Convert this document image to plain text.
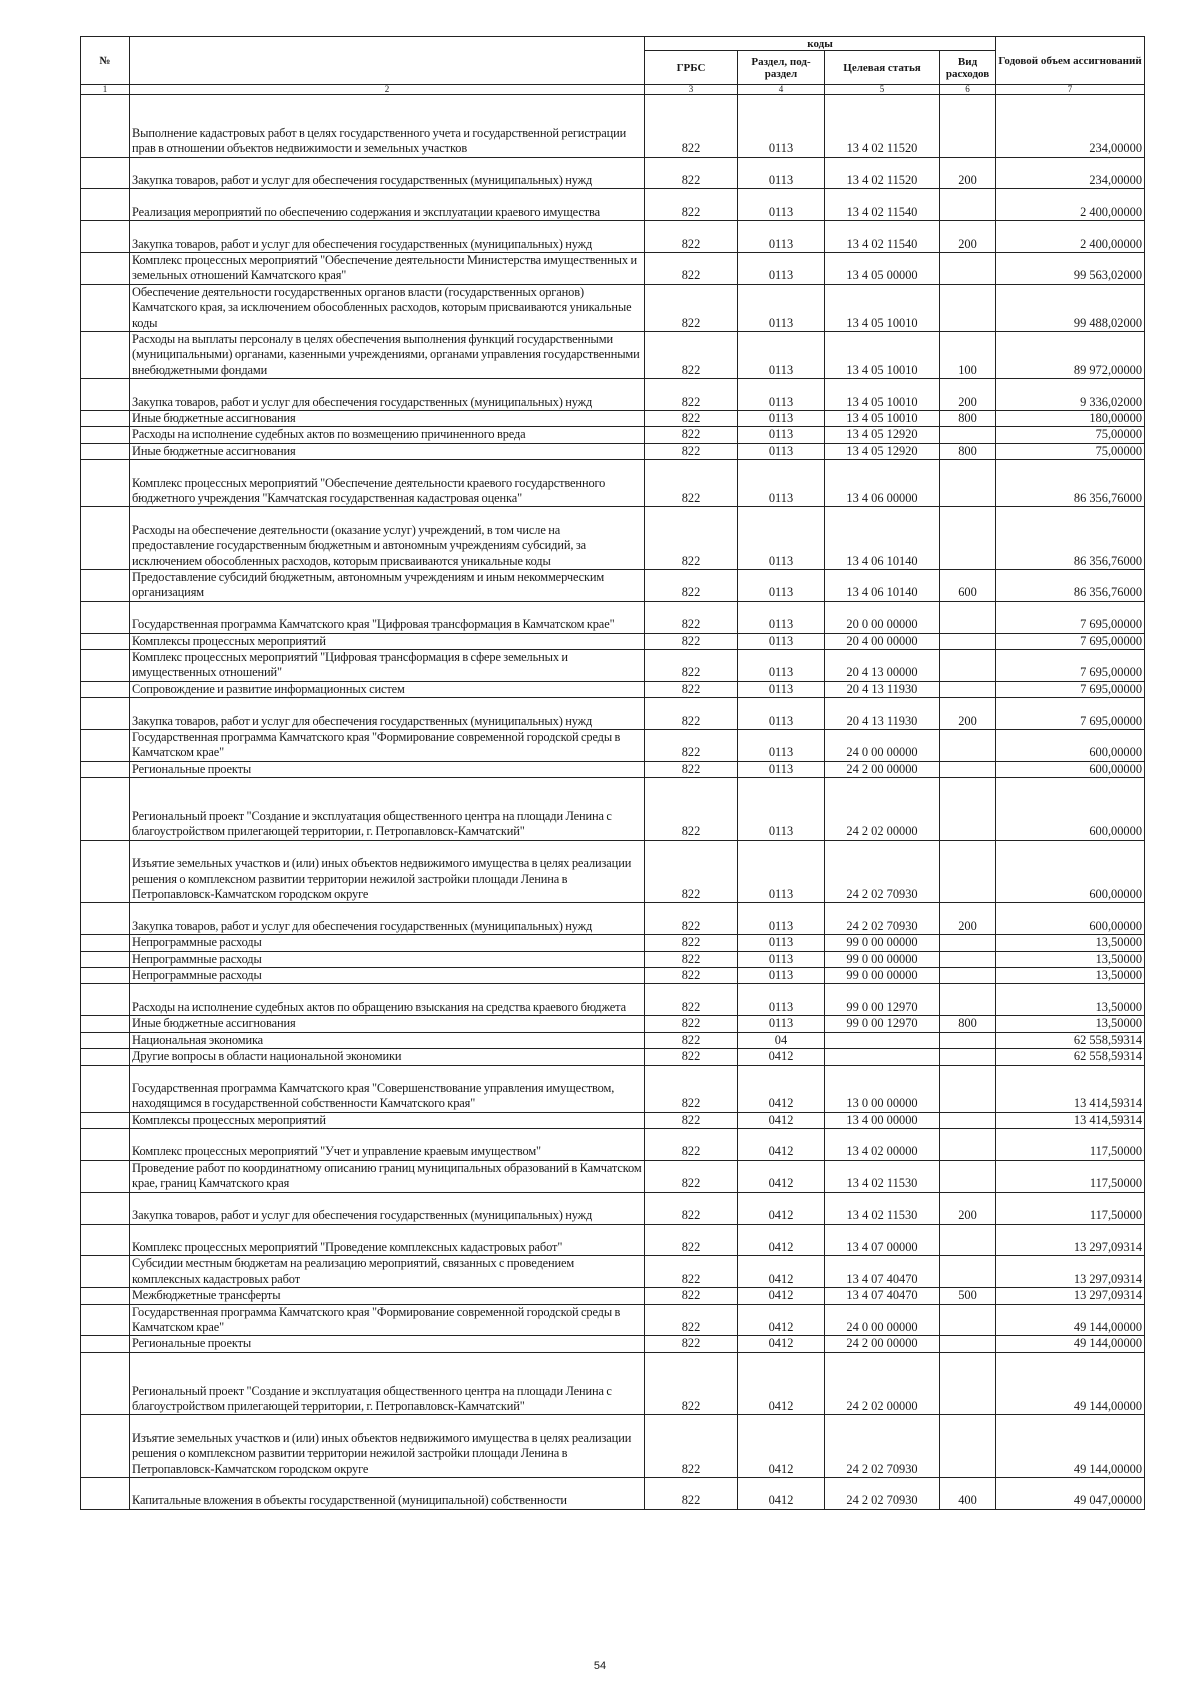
№		коды				Годовой объем ассигнований
		ГРБС	Раздел, под-раздел	Целевая статья	Вид расходов	
1	2	3	4	5	6	7
	Выполнение кадастровых работ в целях государственного учета и государственной регистрации прав в отношении объектов недвижимости и земельных участков	822	0113	13 4 02 11520		234,00000
	Закупка товаров, работ и услуг для обеспечения государственных (муниципальных) нужд	822	0113	13 4 02 11520	200	234,00000
	Реализация мероприятий по обеспечению содержания и эксплуатации краевого имущества	822	0113	13 4 02 11540		2 400,00000
	Закупка товаров, работ и услуг для обеспечения государственных (муниципальных) нужд	822	0113	13 4 02 11540	200	2 400,00000
	Комплекс процессных мероприятий "Обеспечение деятельности Министерства имущественных и земельных отношений Камчатского края"	822	0113	13 4 05 00000		99 563,02000
	Обеспечение деятельности государственных органов власти (государственных органов) Камчатского края, за исключением обособленных расходов, которым присваиваются уникальные коды	822	0113	13 4 05 10010		99 488,02000
	Расходы на выплаты персоналу в целях обеспечения выполнения функций государственными (муниципальными) органами, казенными учреждениями, органами управления государственными внебюджетными фондами	822	0113	13 4 05 10010	100	89 972,00000
	Закупка товаров, работ и услуг для обеспечения государственных (муниципальных) нужд	822	0113	13 4 05 10010	200	9 336,02000
	Иные бюджетные ассигнования	822	0113	13 4 05 10010	800	180,00000
	Расходы на исполнение судебных актов по возмещению причиненного вреда	822	0113	13 4 05 12920		75,00000
	Иные бюджетные ассигнования	822	0113	13 4 05 12920	800	75,00000
	Комплекс процессных мероприятий "Обеспечение деятельности краевого государственного бюджетного учреждения "Камчатская государственная кадастровая оценка"	822	0113	13 4 06 00000		86 356,76000
	Расходы на обеспечение деятельности (оказание услуг) учреждений, в том числе на предоставление государственным бюджетным и автономным учреждениям субсидий, за исключением обособленных расходов, которым присваиваются уникальные коды	822	0113	13 4 06 10140		86 356,76000
	Предоставление субсидий бюджетным, автономным учреждениям и иным некоммерческим организациям	822	0113	13 4 06 10140	600	86 356,76000
	Государственная программа Камчатского края "Цифровая трансформация в Камчатском крае"	822	0113	20 0 00 00000		7 695,00000
	Комплексы процессных мероприятий	822	0113	20 4 00 00000		7 695,00000
	Комплекс процессных мероприятий "Цифровая трансформация в сфере земельных и имущественных отношений"	822	0113	20 4 13 00000		7 695,00000
	Сопровождение и развитие информационных систем	822	0113	20 4 13 11930		7 695,00000
	Закупка товаров, работ и услуг для обеспечения государственных (муниципальных) нужд	822	0113	20 4 13 11930	200	7 695,00000
	Государственная программа Камчатского края "Формирование современной городской среды в Камчатском крае"	822	0113	24 0 00 00000		600,00000
	Региональные проекты	822	0113	24 2 00 00000		600,00000
	Региональный проект "Создание и эксплуатация общественного центра на площади Ленина с благоустройством прилегающей территории, г. Петропавловск-Камчатский"	822	0113	24 2 02 00000		600,00000
	Изъятие земельных участков и (или) иных объектов недвижимого имущества в целях реализации решения о комплексном развитии территории нежилой застройки площади Ленина в Петропавловск-Камчатском городском округе	822	0113	24 2 02 70930		600,00000
	Закупка товаров, работ и услуг для обеспечения государственных (муниципальных) нужд	822	0113	24 2 02 70930	200	600,00000
	Непрограммные расходы	822	0113	99 0 00 00000		13,50000
	Непрограммные расходы	822	0113	99 0 00 00000		13,50000
	Непрограммные расходы	822	0113	99 0 00 00000		13,50000
	Расходы на исполнение судебных актов по обращению взыскания на средства краевого бюджета	822	0113	99 0 00 12970		13,50000
	Иные бюджетные ассигнования	822	0113	99 0 00 12970	800	13,50000
	Национальная экономика	822	04			62 558,59314
	Другие вопросы в области национальной экономики	822	0412			62 558,59314
	Государственная программа Камчатского края "Совершенствование управления имуществом, находящимся в государственной собственности Камчатского края"	822	0412	13 0 00 00000		13 414,59314
	Комплексы процессных мероприятий	822	0412	13 4 00 00000		13 414,59314
	Комплекс процессных мероприятий "Учет и управление краевым имуществом"	822	0412	13 4 02 00000		117,50000
	Проведение работ по координатному описанию границ муниципальных образований в Камчатском крае, границ Камчатского края	822	0412	13 4 02 11530		117,50000
	Закупка товаров, работ и услуг для обеспечения государственных (муниципальных) нужд	822	0412	13 4 02 11530	200	117,50000
	Комплекс процессных мероприятий "Проведение комплексных кадастровых работ"	822	0412	13 4 07 00000		13 297,09314
	Субсидии местным бюджетам на реализацию мероприятий, связанных с проведением комплексных кадастровых работ	822	0412	13 4 07 40470		13 297,09314
	Межбюджетные трансферты	822	0412	13 4 07 40470	500	13 297,09314
	Государственная программа Камчатского края "Формирование современной городской среды в Камчатском крае"	822	0412	24 0 00 00000		49 144,00000
	Региональные проекты	822	0412	24 2 00 00000		49 144,00000
	Региональный проект "Создание и эксплуатация общественного центра на площади Ленина с благоустройством прилегающей территории, г. Петропавловск-Камчатский"	822	0412	24 2 02 00000		49 144,00000
	Изъятие земельных участков и (или) иных объектов недвижимого имущества в целях реализации решения о комплексном развитии территории нежилой застройки площади Ленина в Петропавловск-Камчатском городском округе	822	0412	24 2 02 70930		49 144,00000
	Капитальные вложения в объекты государственной (муниципальной) собственности	822	0412	24 2 02 70930	400	49 047,00000
54
